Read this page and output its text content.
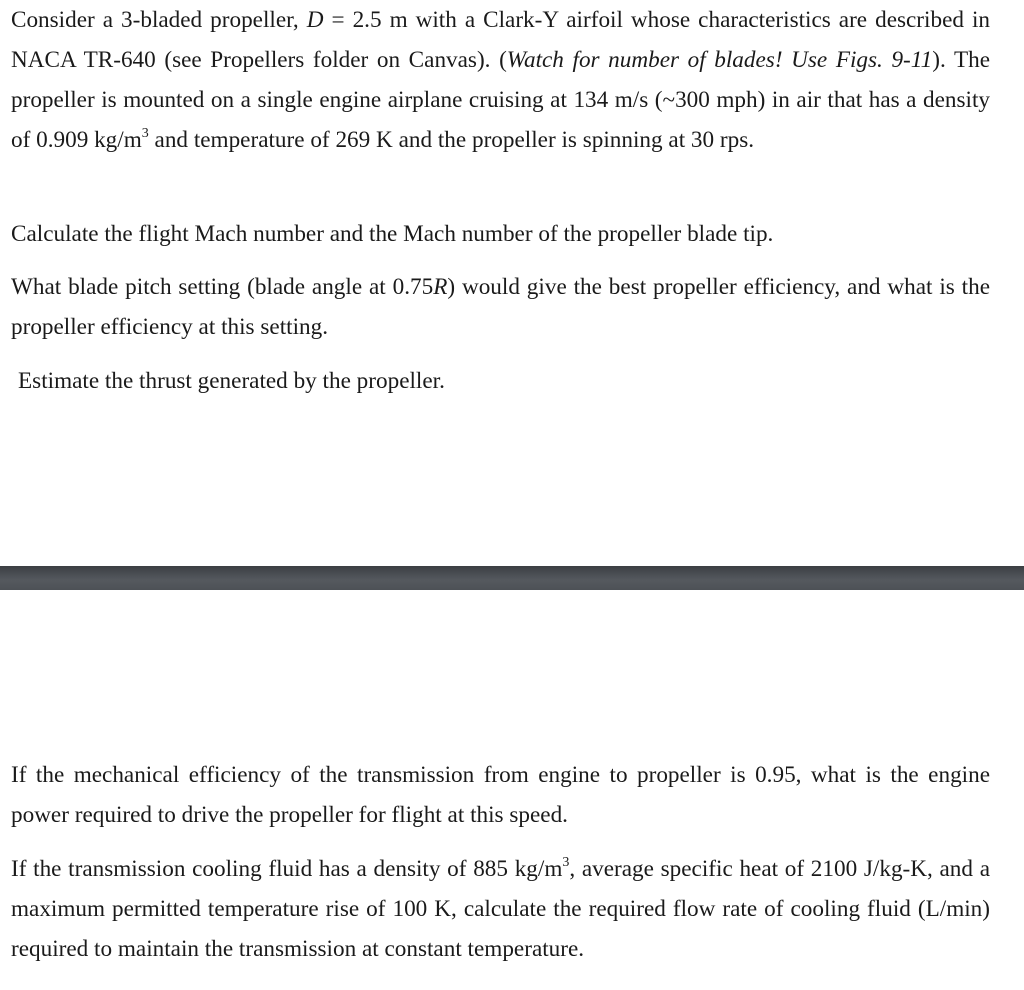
Consider a 3-bladed propeller, D = 2.5 m with a Clark-Y airfoil whose characteristics are described in NACA TR-640 (see Propellers folder on Canvas). (Watch for number of blades! Use Figs. 9-11). The propeller is mounted on a single engine airplane cruising at 134 m/s (~300 mph) in air that has a density of 0.909 $kg/m^3$ and temperature of 269 K and the propeller is spinning at 30 rps.

Calculate the flight Mach number and the Mach number of the propeller blade tip.

What blade pitch setting (blade angle at 0.75R) would give the best propeller efficiency, and what is the propeller efficiency at this setting.

Estimate the thrust generated by the propeller.

If the mechanical efficiency of the transmission from engine to propeller is 0.95, what is the engine power required to drive the propeller for flight at this speed.

If the transmission cooling fluid has a density of 885 $kg/m^3$, average specific heat of 2100 J/kg-K, and a maximum permitted temperature rise of 100 K, calculate the required flow rate of cooling fluid (L/min) required to maintain the transmission at constant temperature.
